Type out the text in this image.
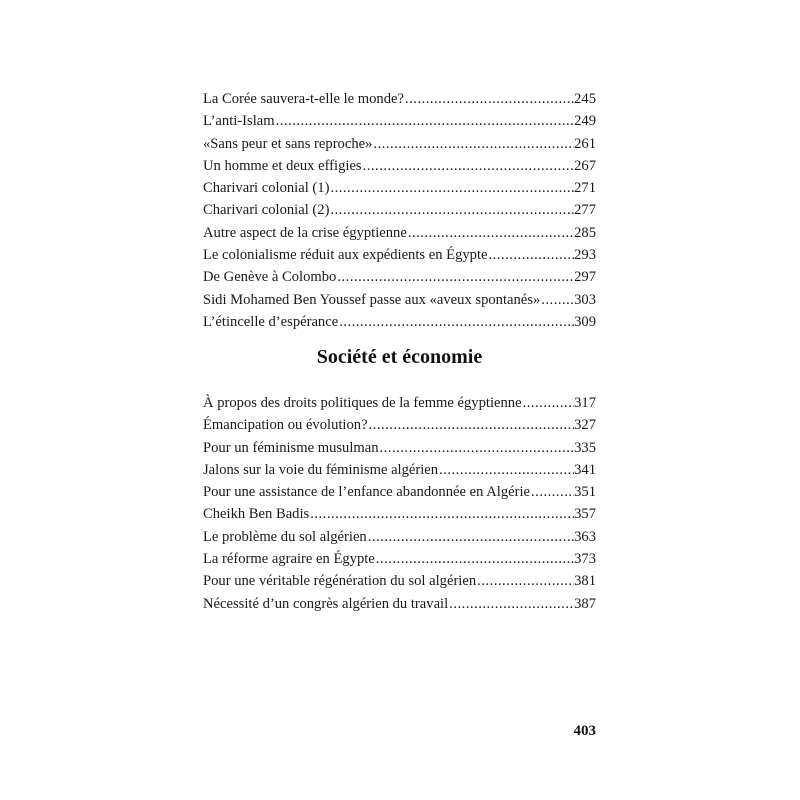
La Corée sauvera-t-elle le monde? .....	245
L’anti-Islam .....	249
«Sans peur et sans reproche» .....	261
Un homme et deux effigies .....	267
Charivari colonial (1) .....	271
Charivari colonial (2) .....	277
Autre aspect de la crise égyptienne .....	285
Le colonialisme réduit aux expédients en Égypte .....	293
De Genève à Colombo .....	297
Sidi Mohamed Ben Youssef passe aux «aveux spontanés» ..... 303
L’étincelle d’espérance .....	309
Société et économie
À propos des droits politiques de la femme égyptienne .....	317
Émancipation ou évolution? .....	327
Pour un féminisme musulman .....	335
Jalons sur la voie du féminisme algérien .....	341
Pour une assistance de l’enfance abandonnée en Algérie .....	351
Cheikh Ben Badis .....	357
Le problème du sol algérien .....	363
La réforme agraire en Égypte .....	373
Pour une véritable régénération du sol algérien .....	381
Nécessité d’un congrès algérien du travail .....	387
403
